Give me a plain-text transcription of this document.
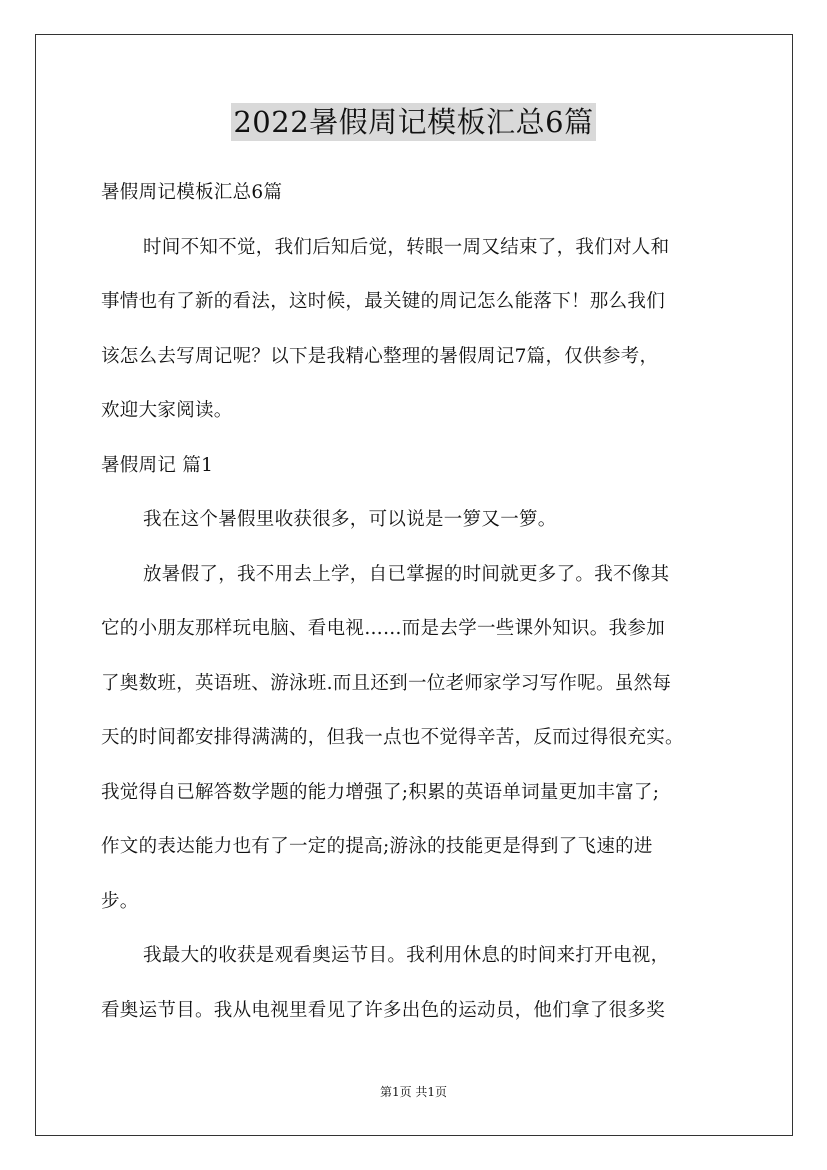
2022暑假周记模板汇总6篇
暑假周记模板汇总6篇
时间不知不觉，我们后知后觉，转眼一周又结束了，我们对人和
事情也有了新的看法，这时候，最关键的周记怎么能落下！那么我们
该怎么去写周记呢？以下是我精心整理的暑假周记7篇，仅供参考，
欢迎大家阅读。
暑假周记 篇1
我在这个暑假里收获很多，可以说是一箩又一箩。
放暑假了，我不用去上学，自已掌握的时间就更多了。我不像其
它的小朋友那样玩电脑、看电视……而是去学一些课外知识。我参加
了奥数班，英语班、游泳班.而且还到一位老师家学习写作呢。虽然每
天的时间都安排得满满的，但我一点也不觉得辛苦，反而过得很充实。
我觉得自已解答数学题的能力增强了;积累的英语单词量更加丰富了;
作文的表达能力也有了一定的提高;游泳的技能更是得到了飞速的进
步。
我最大的收获是观看奥运节目。我利用休息的时间来打开电视，
看奥运节目。我从电视里看见了许多出色的运动员，他们拿了很多奖
第1页 共1页
